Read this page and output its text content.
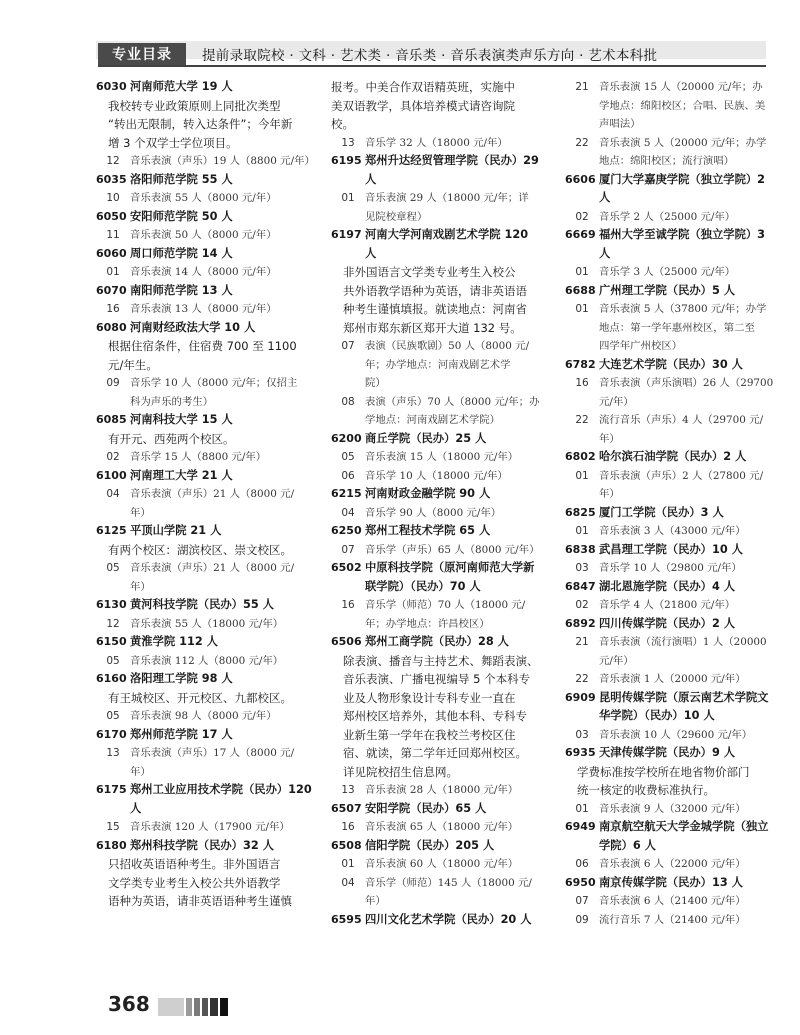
专业目录	提前录取院校 · 文科 · 艺术类 · 音乐类 · 音乐表演类声乐方向 · 艺术本科批
6030 河南师范大学 19 人
我校转专业政策原则上同批次类型
“转出无限制，转入达条件”；今年新
增 3 个双学士学位项目。
12 音乐表演（声乐）19 人（8800 元/年）
6035 洛阳师范学院 55 人
10 音乐表演 55 人（8000 元/年）
6050 安阳师范学院 50 人
11 音乐表演 50 人（8000 元/年）
6060 周口师范学院 14 人
01 音乐表演 14 人（8000 元/年）
6070 南阳师范学院 13 人
16 音乐表演 13 人（8000 元/年）
6080 河南财经政法大学 10 人
根据住宿条件，住宿费 700 至 1100
元/年生。
09 音乐学 10 人（8000 元/年；仅招主
科为声乐的考生）
6085 河南科技大学 15 人
有开元、西苑两个校区。
02 音乐学 15 人（8800 元/年）
6100 河南理工大学 21 人
04 音乐表演（声乐）21 人（8000 元/
年）
6125 平顶山学院 21 人
有两个校区：湖滨校区、崇文校区。
05 音乐表演（声乐）21 人（8000 元/
年）
6130 黄河科技学院（民办）55 人
12 音乐表演 55 人（18000 元/年）
6150 黄淮学院 112 人
05 音乐表演 112 人（8000 元/年）
6160 洛阳理工学院 98 人
有王城校区、开元校区、九都校区。
05 音乐表演 98 人（8000 元/年）
6170 郑州师范学院 17 人
13 音乐表演（声乐）17 人（8000 元/
年）
6175 郑州工业应用技术学院（民办）120
人
15 音乐表演 120 人（17900 元/年）
6180 郑州科技学院（民办）32 人
只招收英语语种考生。非外国语言
文学类专业考生入校公共外语教学
语种为英语，请非英语语种考生谨慎
报考。中美合作双语精英班，实施中
美双语教学，具体培养模式请咨询院
校。
13 音乐学 32 人（18000 元/年）
6195 郑州升达经贸管理学院（民办）29
人
01 音乐表演 29 人（18000 元/年；详
见院校章程）
6197 河南大学河南戏剧艺术学院 120
人
非外国语言文学类专业考生入校公
共外语教学语种为英语，请非英语语
种考生谨慎填报。就读地点：河南省
郑州市郑东新区郑开大道 132 号。
07 表演（民族歌剧）50 人（8000 元/
年；办学地点：河南戏剧艺术学
院）
08 表演（声乐）70 人（8000 元/年；办
学地点：河南戏剧艺术学院）
6200 商丘学院（民办）25 人
05 音乐表演 15 人（18000 元/年）
06 音乐学 10 人（18000 元/年）
6215 河南财政金融学院 90 人
04 音乐学 90 人（8000 元/年）
6250 郑州工程技术学院 65 人
07 音乐学（声乐）65 人（8000 元/年）
6502 中原科技学院（原河南师范大学新
联学院）（民办）70 人
16 音乐学（师范）70 人（18000 元/
年；办学地点：许昌校区）
6506 郑州工商学院（民办）28 人
除表演、播音与主持艺术、舞蹈表演、
音乐表演、广播电视编导 5 个本科专
业及人物形象设计专科专业一直在
郑州校区培养外，其他本科、专科专
业新生第一学年在我校兰考校区住
宿、就读，第二学年迁回郑州校区。
详见院校招生信息网。
13 音乐表演 28 人（18000 元/年）
6507 安阳学院（民办）65 人
16 音乐表演 65 人（18000 元/年）
6508 信阳学院（民办）205 人
01 音乐表演 60 人（18000 元/年）
04 音乐学（师范）145 人（18000 元/
年）
6595 四川文化艺术学院（民办）20 人
21 音乐表演 15 人（20000 元/年；办
学地点：绵阳校区；合唱、民族、美
声唱法）
22 音乐表演 5 人（20000 元/年；办学
地点：绵阳校区；流行演唱）
6606 厦门大学嘉庚学院（独立学院）2
人
02 音乐学 2 人（25000 元/年）
6669 福州大学至诚学院（独立学院）3
人
01 音乐学 3 人（25000 元/年）
6688 广州理工学院（民办）5 人
01 音乐表演 5 人（37800 元/年；办学
地点：第一学年惠州校区，第二至
四学年广州校区）
6782 大连艺术学院（民办）30 人
16 音乐表演（声乐演唱）26 人（29700
元/年）
22 流行音乐（声乐）4 人（29700 元/
年）
6802 哈尔滨石油学院（民办）2 人
01 音乐表演（声乐）2 人（27800 元/
年）
6825 厦门工学院（民办）3 人
01 音乐表演 3 人（43000 元/年）
6838 武昌理工学院（民办）10 人
03 音乐学 10 人（29800 元/年）
6847 湖北恩施学院（民办）4 人
02 音乐学 4 人（21800 元/年）
6892 四川传媒学院（民办）2 人
21 音乐表演（流行演唱）1 人（20000
元/年）
22 音乐表演 1 人（20000 元/年）
6909 昆明传媒学院（原云南艺术学院文
华学院）（民办）10 人
03 音乐表演 10 人（29600 元/年）
6935 天津传媒学院（民办）9 人
学费标准按学校所在地省物价部门
统一核定的收费标准执行。
01 音乐表演 9 人（32000 元/年）
6949 南京航空航天大学金城学院（独立
学院）6 人
06 音乐表演 6 人（22000 元/年）
6950 南京传媒学院（民办）13 人
07 音乐表演 6 人（21400 元/年）
09 流行音乐 7 人（21400 元/年）
368
